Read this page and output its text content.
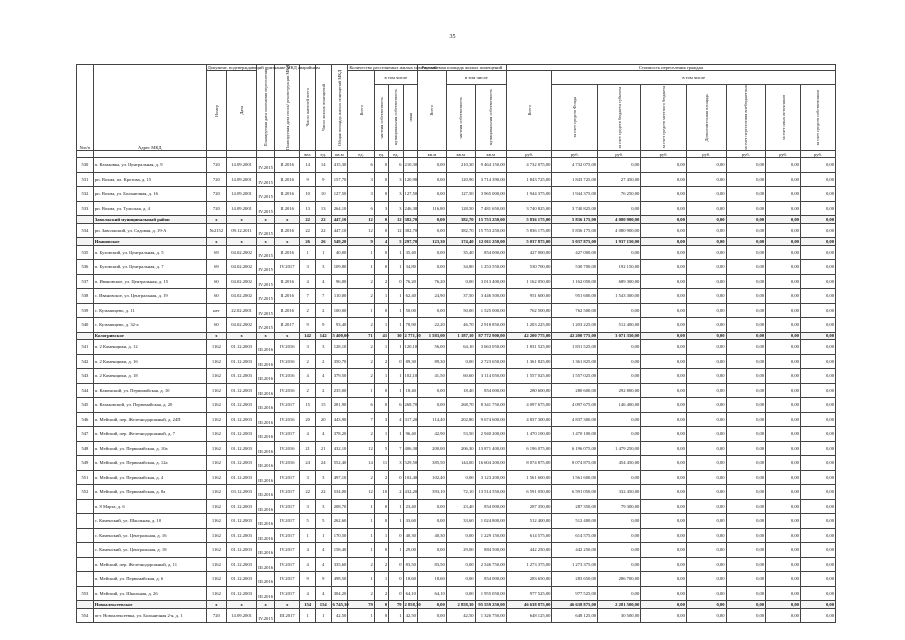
35
№п/п	Адрес МКД	Документ, подтверждающий признание МКД аварийным		Планируемая дата окончания переселения	Планируемая дата сноса/ реконструкции МКД	Число жителей всего	Число жилых помещений	Общая площадь жилых помещений МКД	Количество расселяемых жилых помещений				Расселяемая площадь жилых помещений			Стоимость переселения граждан							

		Номер	Дата						Всего	в том числе			Всего	в том числе		Всего	в том числе						

										частная собственность	муниципальная собственность	иная		частная собственность	муниципальная собственность		за счет средств Фонда	за счет средств бюджета субъекта	за счет средств местного бюджета	Дополнительная площадь	за счет переселения внебюджетных	за счет иных источников	за счет средств собственников

						чел.	ед.	кв.м	ед.	ед.	ед.		кв.м	кв.м	кв.м	руб.	руб.	руб.	руб.	руб.	руб.	руб.	руб.
530	п. Казаковка, ул. Центральная, д. 9	720	14.09.2001	IV.2015	II.2016	14	14	415,30	6	0	6	210,30	0,00	210,30	9 464 150,00	4 732 075,00	4 732 075,00	0,00	0,00	0,00	0,00	0,00	0,00
531	рп. Вохма, пл. Кротова, д. 15	720	14.09.2001	IV.2015	II.2016	9	9	157,70	3	0	3	120,90	0,00	120,90	3 714 390,00	1 843 725,00	1 843 725,00	27 450,00	0,00	0,00	0,00	0,00	0,00
532	рп. Вохма, ул. Больничная, д. 16	720	14.09.2001	IV.2015	II.2016	10	10	127,50	3	0	3	127,50	0,00	127,50	3 965 000,00	1 944 375,00	1 944 375,00	76 250,00	0,00	0,00	0,00	0,00	0,00
533	рп. Вохма, ул. Тульская, д. 4	720	14.09.2001	IV.2015	II.2016	13	13	264,10	6	3	3	246,30	116,80	128,50	7 481 650,00	3 740 825,00	3 740 825,00	0,00	0,00	0,00	0,00	0,00	0,00
	Заволжский муниципальный район	х	х	х	х	22	22	447,10	12	0	12	382,70	0,00	382,70	15 753 250,00	5 836 175,00	5 836 175,00	4 080 900,00	0,00	0,00	0,00	0,00	0,00
534	рп. Заволжский, ул. Садовая, д. 19-А	№2152	09.12.2011	IV.2015	II.2016	22	22	447,10	12	0	12	382,70	0,00	382,70	15 753 250,00	5 836 175,00	5 836 175,00	4 080 900,00	0,00	0,00	0,00	0,00	0,00
	Ивановское	х	х	х	х	26	26	549,20	9	4	5	297,70	123,30	174,40	12 011 250,00	5 037 875,00	5 037 875,00	1 937 150,00	0,00	0,00	0,00	0,00	0,00
535	п. Буховский, ул. Центральная, д. 5	69	04.02.2002	IV.2015	II.2016	1	1	40,00	1	0	1	35,40	0,00	35,40	854 000,00	427 000,00	427 000,00	0,00	0,00	0,00	0,00	0,00	0,00
536	п. Буховский, ул. Центральная, д. 7	69	04.02.2002	IV.2015	IV.2017	3	3	109,80	1	0	1	34,80	0,00	34,80	1 253 550,00	530 700,00	530 700,00	192 150,00	0,00	0,00	0,00	0,00	0,00
537	п. Ивановское, ул. Центральная, д. 15	60	04.02.2002	IV.2015	II.2016	4	4	96,00	2	2	0	76,20	76,20	0,00	3 013 400,00	1 162 050,00	1 162 050,00	689 300,00	0,00	0,00	0,00	0,00	0,00
538	с. Ивановское, ул. Центральная, д. 19	60	04.02.2002	IV.2015	II.2016	7	7	110,00	2	1	1	62,40	24,90	37,50	3 446 500,00	951 600,00	951 600,00	1 543 300,00	0,00	0,00	0,00	0,00	0,00
539	с. Кузьмищево, д. 11	нет	22.02.2001	IV.2015	II.2016	2	2	100,00	1	0	1	50,00	0,00	50,00	1 525 000,00	762 500,00	762 500,00	0,00	0,00	0,00	0,00	0,00	0,00
540	с. Кузьмищево, д. 32-а	60	04.02.2002	IV.2015	II.2017	9	9	93,40	2	1	1	78,90	22,20	46,70	2 918 850,00	1 203 225,00	1 203 225,00	512 400,00	0,00	0,00	0,00	0,00	0,00
	Кологривское	х	х	х	х	142	142	5 400,00	71	41	30	2 771,10	1 583,00	1 187,10	87 772 900,00	42 200 775,00	42 200 775,00	3 071 350,00	0,00	0,00	0,00	0,00	0,00
541	п. 2 Каменщики, д. 12	1162	01.12.2003	III.2016	IV.2016	3	3	128,10	2	1	1	120,10	56,00	64,10	3 663 050,00	1 831 525,00	1 831 525,00	0,00	0,00	0,00	0,00	0,00	0,00
542	п. 2 Каменщики, д. 16	1162	01.12.2003	III.2016	IV.2016	2	2	350,70	2	2	0	89,30	89,30	0,00	2 723 650,00	1 361 825,00	1 361 825,00	0,00	0,00	0,00	0,00	0,00	0,00
543	п. 2 Каменщики, д. 18	1162	01.12.2003	III.2016	IV.2016	4	4	379,50	2	1	1	102,10	41,50	60,60	3 114 050,00	1 557 025,00	1 557 025,00	0,00	0,00	0,00	0,00	0,00	0,00
544	п. Каменский, ул. Первомайская, д. 10	1162	01.12.2003	III.2016	IV.2016	2	2	235,00	1	0	1	18,40	0,00	18,40	854 000,00	280 600,00	280 600,00	292 800,00	0,00	0,00	0,00	0,00	0,00
545	п. Казаковский, ул. Первомайская, д. 20	1162	01.12.2003	III.2016	IV.2017	15	15	281,90	6	0	6	268,70	0,00	268,70	8 341 750,00	4 097 675,00	4 097 675,00	146 400,00	0,00	0,00	0,00	0,00	0,00
546	п. Мейский, пер. Железнодорожный, д. 24П	1162	01.12.2003	III.2016	IV.2016	20	20	443,90	7	3	4	317,20	114,40	202,80	9 674 600,00	4 837 300,00	4 837 300,00	0,00	0,00	0,00	0,00	0,00	0,00
547	п. Мейский, пер. Железнодорожный, д. 7	1162	01.12.2003	III.2016	IV.2017	4	4	378,20	2	1	1	96,40	42,90	53,50	2 940 200,00	1 470 100,00	1 470 100,00	0,00	0,00	0,00	0,00	0,00	0,00
548	п. Мейский, ул. Первомайская, д. 10а	1162	01.12.2003	III.2016	IV.2016	21	21	432,10	12	5	7	406,30	200,00	206,30	13 871 400,00	6 196 075,00	6 196 075,00	1 479 250,00	0,00	0,00	0,00	0,00	0,00
549	п. Мейский, ул. Первомайская, д. 12а	1162	01.12.2003	III.2016	IV.2016	24	24	552,40	14	11	3	529,50	385,50	144,00	16 604 200,00	8 074 875,00	8 074 875,00	454 450,00	0,00	0,00	0,00	0,00	0,00
551	п. Мейский, ул. Первомайская, д. 4	1162	01.12.2003	III.2016	IV.2017	3	3	497,10	2	2	0	102,40	102,40	0,00	3 123 200,00	1 561 600,00	1 561 600,00	0,00	0,00	0,00	0,00	0,00	0,00
552	п. Мейский, ул. Первомайская, д. 8а	1162	03.12.2003	III.2016	IV.2017	22	22	534,00	12	10	2	432,20	393,10	72,10	13 514 550,00	6 591 050,00	6 591 050,00	332 450,00	0,00	0,00	0,00	0,00	0,00
	п. 8 Марта, д. 6	1162	01.12.2003	III.2016	IV.2017	3	3	208,70	1	0	1	23,40	0,00	23,40	854 000,00	287 350,00	287 350,00	79 300,00	0,00	0,00	0,00	0,00	0,00
	с. Каменский, ул. Школьная, д. 10	1162	01.12.2003	III.2016	IV.2017	5	5	262,60	1	0	1	33,60	0,00	33,60	1 024 800,00	512 400,00	512 400,00	0,00	0,00	0,00	0,00	0,00	0,00
	с. Каменский, ул. Центральная, д. 16	1162	01.12.2003	III.2016	IV.2017	1	1	170,50	1	1	0	40,30	40,30	0,00	1 229 150,00	614 575,00	614 575,00	0,00	0,00	0,00	0,00	0,00	0,00
	с. Каменский, ул. Центральная, д. 18	1162	01.12.2003	III.2016	IV.2017	4	4	158,40	1	0	1	29,00	0,00	29,00	884 500,00	442 250,00	442 250,00	0,00	0,00	0,00	0,00	0,00	0,00
	п. Мейский, пер. Железнодорожный, д. 11	1162	01.12.2003	III.2016	IV.2017	4	4	335,60	2	2	0	83,50	83,50	0,00	2 546 750,00	1 273 375,00	1 273 375,00	0,00	0,00	0,00	0,00	0,00	0,00
	п. Мейский, ул. Первомайская, д. 6	1162	01.12.2003	III.2016	IV.2017	9	9	498,50	1	1	0	18,60	18,60	0,00	854 000,00	283 650,00	283 650,00	286 700,00	0,00	0,00	0,00	0,00	0,00
553	п. Мейский, ул. Школьная, д. 26	1162	01.12.2003	III.2016	IV.2017	4	4	304,20	2	2	0	64,10	64,10	0,00	1 955 050,00	977 525,00	977 525,00	0,00	0,00	0,00	0,00	0,00	0,00
	Новоалексеевское	х	х	х	х	154	154	6 745,30	79	0	79	2 858,30	0,00	2 858,30	95 559 250,00	46 638 875,00	46 638 875,00	2 281 500,00	0,00	0,00	0,00	0,00	0,00
554	пгт. Новоалексеевка, ул. Больничная 2-я, д. 1	720	14.09.2001	IV.2015	III.2017	1	1	42,50	1	0	1	42,50	0,00	42,50	1 326 750,00	648 125,00	648 125,00	30 500,00	0,00	0,00	0,00	0,00	0,00
